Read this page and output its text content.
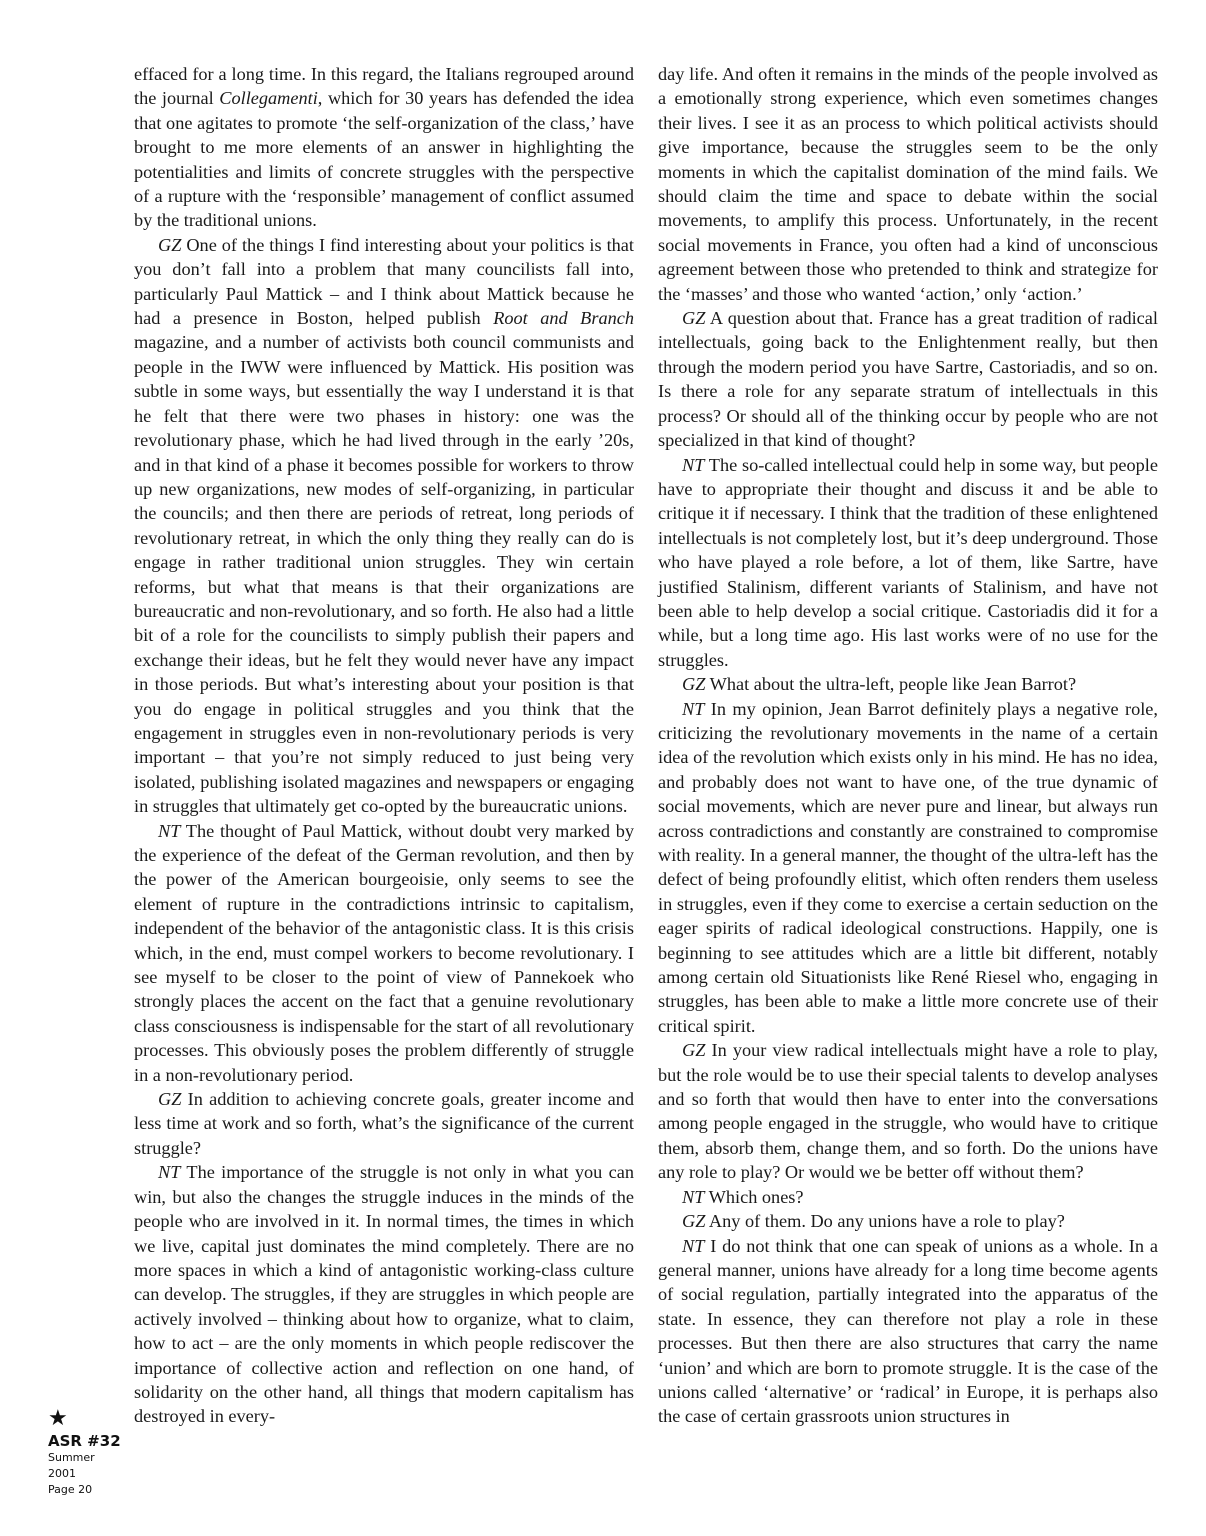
effaced for a long time. In this regard, the Italians regrouped around the journal Collegamenti, which for 30 years has defended the idea that one agitates to promote ‘the self-organization of the class,’ have brought to me more elements of an answer in highlighting the potentialities and limits of concrete struggles with the perspective of a rupture with the ‘responsible’ management of conflict assumed by the traditional unions.

GZ One of the things I find interesting about your politics is that you don’t fall into a problem that many councilists fall into, particularly Paul Mattick – and I think about Mattick because he had a presence in Boston, helped publish Root and Branch magazine, and a number of activists both council communists and people in the IWW were influenced by Mattick. His position was subtle in some ways, but essentially the way I understand it is that he felt that there were two phases in history: one was the revolutionary phase, which he had lived through in the early ’20s, and in that kind of a phase it becomes possible for workers to throw up new organizations, new modes of self-organizing, in particular the councils; and then there are periods of retreat, long periods of revolutionary retreat, in which the only thing they really can do is engage in rather traditional union struggles. They win certain reforms, but what that means is that their organizations are bureaucratic and non-revolutionary, and so forth. He also had a little bit of a role for the councilists to simply publish their papers and exchange their ideas, but he felt they would never have any impact in those periods. But what’s interesting about your position is that you do engage in political struggles and you think that the engagement in struggles even in non-revolutionary periods is very important – that you’re not simply reduced to just being very isolated, publishing isolated magazines and newspapers or engaging in struggles that ultimately get co-opted by the bureaucratic unions.

NT The thought of Paul Mattick, without doubt very marked by the experience of the defeat of the German revolution, and then by the power of the American bourgeoisie, only seems to see the element of rupture in the contradictions intrinsic to capitalism, independent of the behavior of the antagonistic class. It is this crisis which, in the end, must compel workers to become revolutionary. I see myself to be closer to the point of view of Pannekoek who strongly places the accent on the fact that a genuine revolutionary class consciousness is indispensable for the start of all revolutionary processes. This obviously poses the problem differently of struggle in a non-revolutionary period.

GZ In addition to achieving concrete goals, greater income and less time at work and so forth, what’s the significance of the current struggle?

NT The importance of the struggle is not only in what you can win, but also the changes the struggle induces in the minds of the people who are involved in it. In normal times, the times in which we live, capital just dominates the mind completely. There are no more spaces in which a kind of antagonistic working-class culture can develop. The struggles, if they are struggles in which people are actively involved – thinking about how to organize, what to claim, how to act – are the only moments in which people rediscover the importance of collective action and reflection on one hand, of solidarity on the other hand, all things that modern capitalism has destroyed in every-

day life. And often it remains in the minds of the people involved as a emotionally strong experience, which even sometimes changes their lives. I see it as an process to which political activists should give importance, because the struggles seem to be the only moments in which the capitalist domination of the mind fails. We should claim the time and space to debate within the social movements, to amplify this process. Unfortunately, in the recent social movements in France, you often had a kind of unconscious agreement between those who pretended to think and strategize for the ‘masses’ and those who wanted ‘action,’ only ‘action.’

GZ A question about that. France has a great tradition of radical intellectuals, going back to the Enlightenment really, but then through the modern period you have Sartre, Castoriadis, and so on. Is there a role for any separate stratum of intellectuals in this process? Or should all of the thinking occur by people who are not specialized in that kind of thought?

NT The so-called intellectual could help in some way, but people have to appropriate their thought and discuss it and be able to critique it if necessary. I think that the tradition of these enlightened intellectuals is not completely lost, but it’s deep underground. Those who have played a role before, a lot of them, like Sartre, have justified Stalinism, different variants of Stalinism, and have not been able to help develop a social critique. Castoriadis did it for a while, but a long time ago. His last works were of no use for the struggles.

GZ What about the ultra-left, people like Jean Barrot?

NT In my opinion, Jean Barrot definitely plays a negative role, criticizing the revolutionary movements in the name of a certain idea of the revolution which exists only in his mind. He has no idea, and probably does not want to have one, of the true dynamic of social movements, which are never pure and linear, but always run across contradictions and constantly are constrained to compromise with reality. In a general manner, the thought of the ultra-left has the defect of being profoundly elitist, which often renders them useless in struggles, even if they come to exercise a certain seduction on the eager spirits of radical ideological constructions. Happily, one is beginning to see attitudes which are a little bit different, notably among certain old Situationists like René Riesel who, engaging in struggles, has been able to make a little more concrete use of their critical spirit.

GZ In your view radical intellectuals might have a role to play, but the role would be to use their special talents to develop analyses and so forth that would then have to enter into the conversations among people engaged in the struggle, who would have to critique them, absorb them, change them, and so forth. Do the unions have any role to play? Or would we be better off without them?

NT Which ones?

GZ Any of them. Do any unions have a role to play?

NT I do not think that one can speak of unions as a whole. In a general manner, unions have already for a long time become agents of social regulation, partially integrated into the apparatus of the state. In essence, they can therefore not play a role in these processes. But then there are also structures that carry the name ‘union’ and which are born to promote struggle. It is the case of the unions called ‘alternative’ or ‘radical’ in Europe, it is perhaps also the case of certain grassroots union structures in

★
ASR #32
Summer
2001
Page 20
